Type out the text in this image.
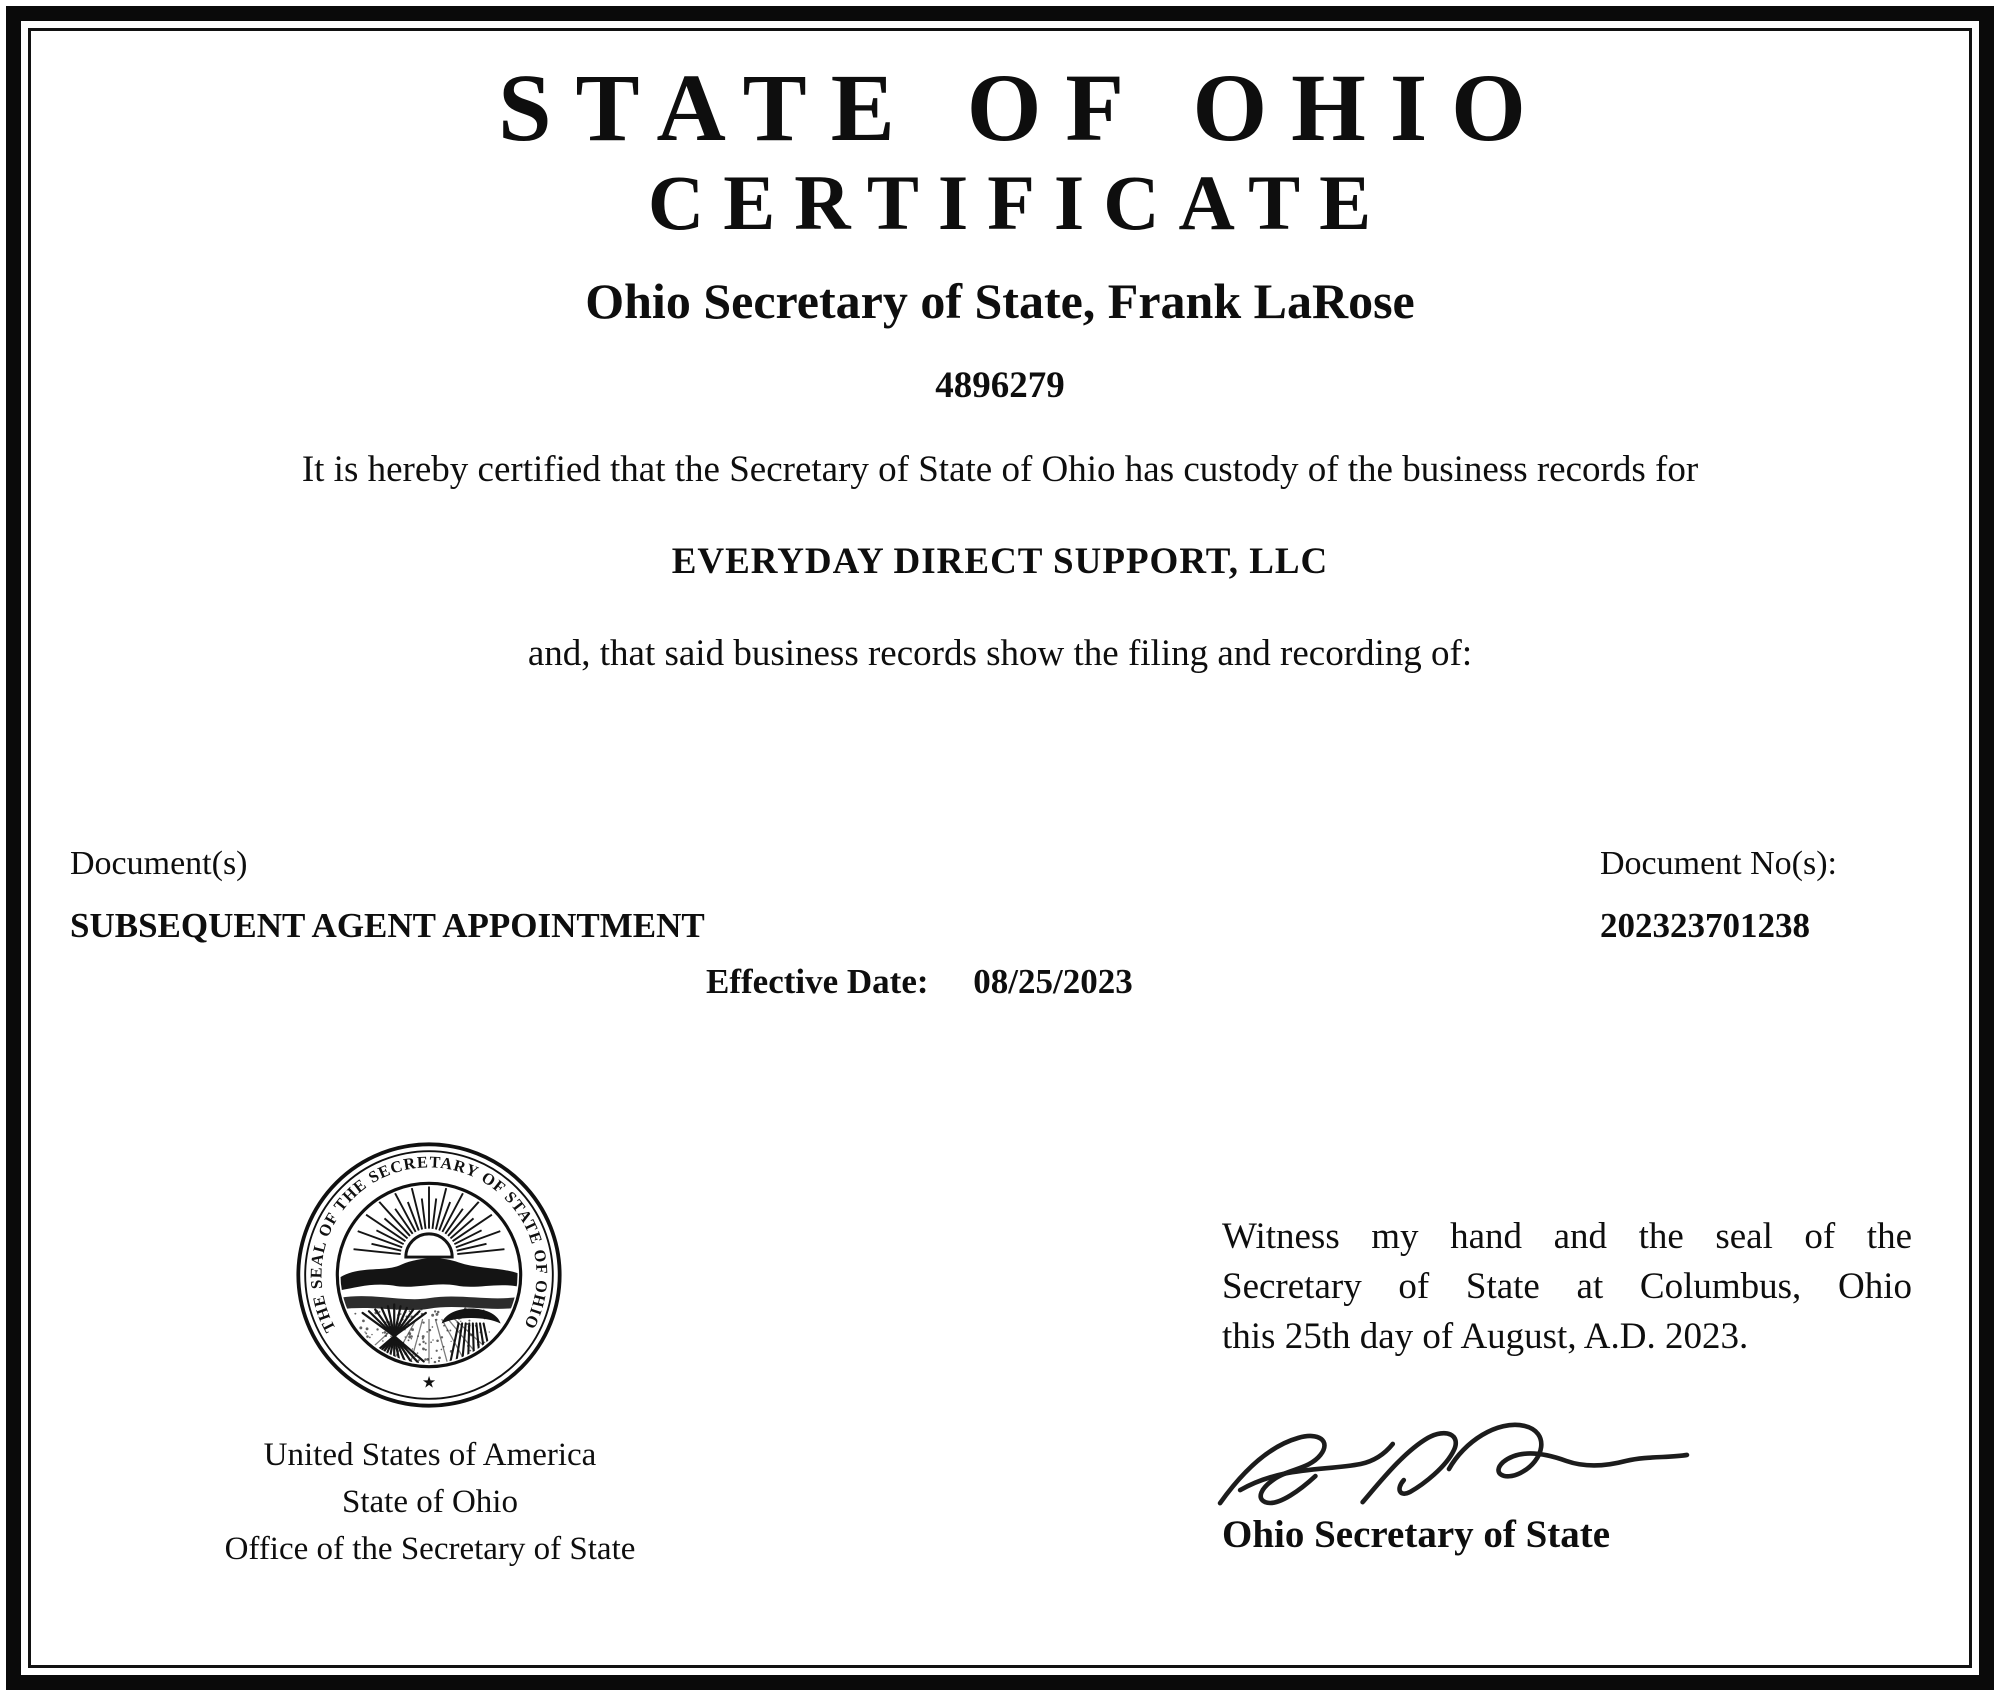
STATE OF OHIO
CERTIFICATE
Ohio Secretary of State, Frank LaRose
4896279
It is hereby certified that the Secretary of State of Ohio has custody of the business records for
EVERYDAY DIRECT SUPPORT, LLC
and, that said business records show the filing and recording of:
Document(s)	Document No(s):
SUBSEQUENT AGENT APPOINTMENT	202323701238
Effective Date: 08/25/2023
THE SEAL OF THE SECRETARY OF STATE OF OHIO
★
United States of America
State of Ohio
Office of the Secretary of State
Witness my hand and the seal of the
Secretary of State at Columbus, Ohio
this 25th day of August, A.D. 2023.
Ohio Secretary of State
